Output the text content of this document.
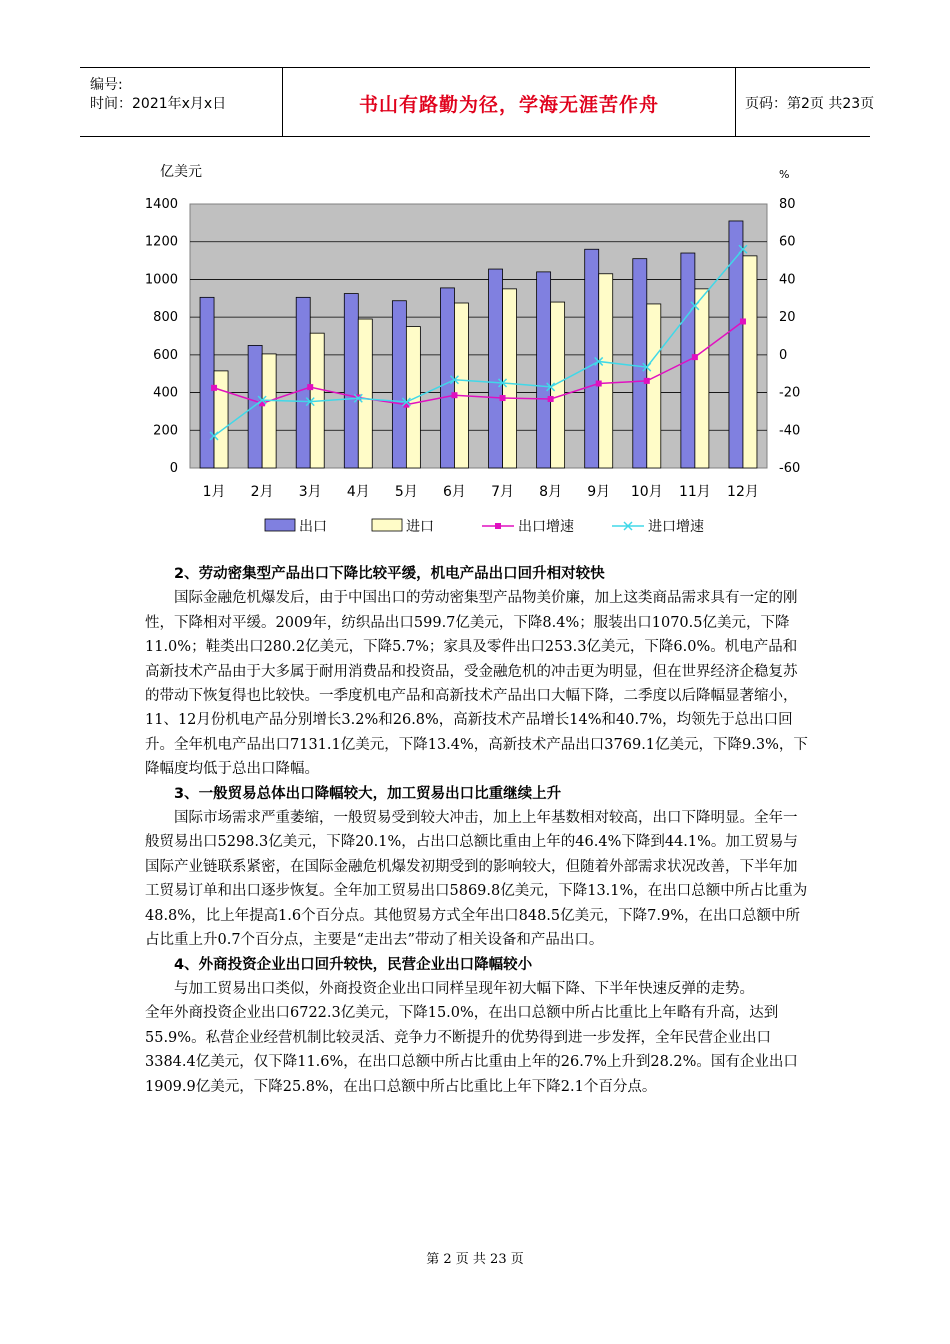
编号:
时间：2021年x月x日	书山有路勤为径，学海无涯苦作舟	页码：第2页 共23页
0
200
400
600
800
1000
1200
1400
-60
-40
-20
0
20
40
60
80
亿美元	%
1月 2月 3月 4月 5月 6月 7月 8月 9月 10月 11月 12月
出口	进口	出口增速	进口增速

2、劳动密集型产品出口下降比较平缓，机电产品出口回升相对较快

国际金融危机爆发后，由于中国出口的劳动密集型产品物美价廉，加上这类商品需求具有一定的刚性，下降相对平缓。2009年，纺织品出口599.7亿美元，下降8.4%；服装出口1070.5亿美元，下降11.0%；鞋类出口280.2亿美元，下降5.7%；家具及零件出口253.3亿美元，下降6.0%。机电产品和高新技术产品由于大多属于耐用消费品和投资品，受金融危机的冲击更为明显，但在世界经济企稳复苏的带动下恢复得也比较快。一季度机电产品和高新技术产品出口大幅下降，二季度以后降幅显著缩小，11、12月份机电产品分别增长3.2%和26.8%，高新技术产品增长14%和40.7%，均领先于总出口回升。全年机电产品出口7131.1亿美元，下降13.4%，高新技术产品出口3769.1亿美元，下降9.3%，下降幅度均低于总出口降幅。

3、一般贸易总体出口降幅较大，加工贸易出口比重继续上升

国际市场需求严重萎缩，一般贸易受到较大冲击，加上上年基数相对较高，出口下降明显。全年一般贸易出口5298.3亿美元，下降20.1%，占出口总额比重由上年的46.4%下降到44.1%。加工贸易与国际产业链联系紧密，在国际金融危机爆发初期受到的影响较大，但随着外部需求状况改善，下半年加工贸易订单和出口逐步恢复。全年加工贸易出口5869.8亿美元，下降13.1%，在出口总额中所占比重为48.8%，比上年提高1.6个百分点。其他贸易方式全年出口848.5亿美元，下降7.9%，在出口总额中所占比重上升0.7个百分点，主要是“走出去”带动了相关设备和产品出口。

4、外商投资企业出口回升较快，民营企业出口降幅较小

与加工贸易出口类似，外商投资企业出口同样呈现年初大幅下降、下半年快速反弹的走势。

全年外商投资企业出口6722.3亿美元，下降15.0%，在出口总额中所占比重比上年略有升高，达到55.9%。私营企业经营机制比较灵活、竞争力不断提升的优势得到进一步发挥，全年民营企业出口3384.4亿美元，仅下降11.6%，在出口总额中所占比重由上年的26.7%上升到28.2%。国有企业出口1909.9亿美元，下降25.8%，在出口总额中所占比重比上年下降2.1个百分点。

第 2 页 共 23 页
